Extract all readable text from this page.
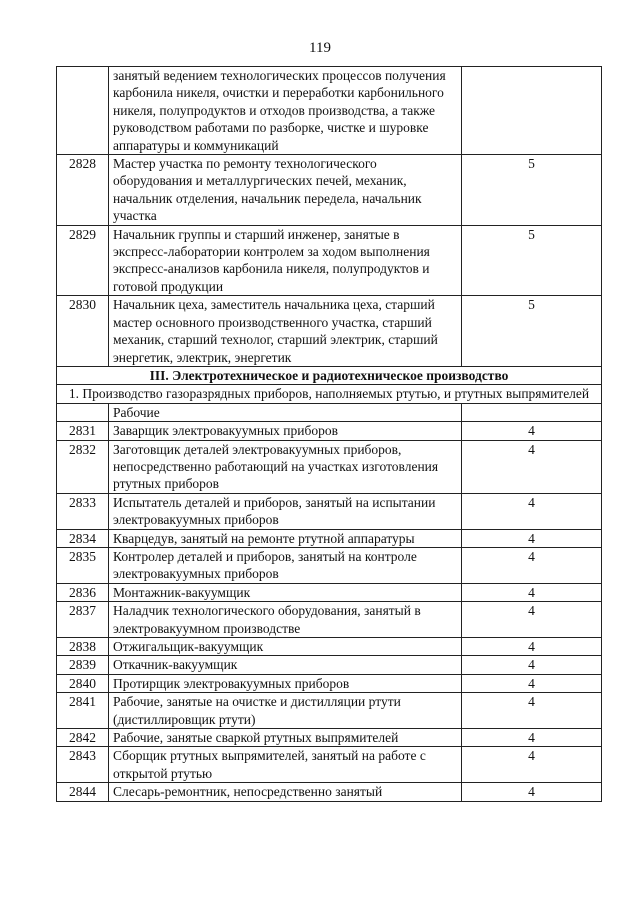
119
	занятый ведением технологических процессов получения карбонила никеля, очистки и переработки карбонильного никеля, полупродуктов и отходов производства, а также руководством работами по разборке, чистке и шуровке аппаратуры и коммуникаций	
2828	Мастер участка по ремонту технологического оборудования и металлургических печей, механик, начальник отделения, начальник передела, начальник участка	5
2829	Начальник группы и старший инженер, занятые в экспресс-лаборатории контролем за ходом выполнения экспресс-анализов карбонила никеля, полупродуктов и готовой продукции	5
2830	Начальник цеха, заместитель начальника цеха, старший мастер основного производственного участка, старший механик, старший технолог, старший электрик, старший энергетик, электрик, энергетик	5
III. Электротехническое и радиотехническое производство		
1. Производство газоразрядных приборов, наполняемых ртутью, и ртутных выпрямителей		
	Рабочие	
2831	Заварщик электровакуумных приборов	4
2832	Заготовщик деталей электровакуумных приборов, непосредственно работающий на участках изготовления ртутных приборов	4
2833	Испытатель деталей и приборов, занятый на испытании электровакуумных приборов	4
2834	Кварцедув, занятый на ремонте ртутной аппаратуры	4
2835	Контролер деталей и приборов, занятый на контроле электровакуумных приборов	4
2836	Монтажник-вакуумщик	4
2837	Наладчик технологического оборудования, занятый в электровакуумном производстве	4
2838	Отжигальщик-вакуумщик	4
2839	Откачник-вакуумщик	4
2840	Протирщик электровакуумных приборов	4
2841	Рабочие, занятые на очистке и дистилляции ртути (дистиллировщик ртути)	4
2842	Рабочие, занятые сваркой ртутных выпрямителей	4
2843	Сборщик ртутных выпрямителей, занятый на работе с открытой ртутью	4
2844	Слесарь-ремонтник, непосредственно занятый	4
